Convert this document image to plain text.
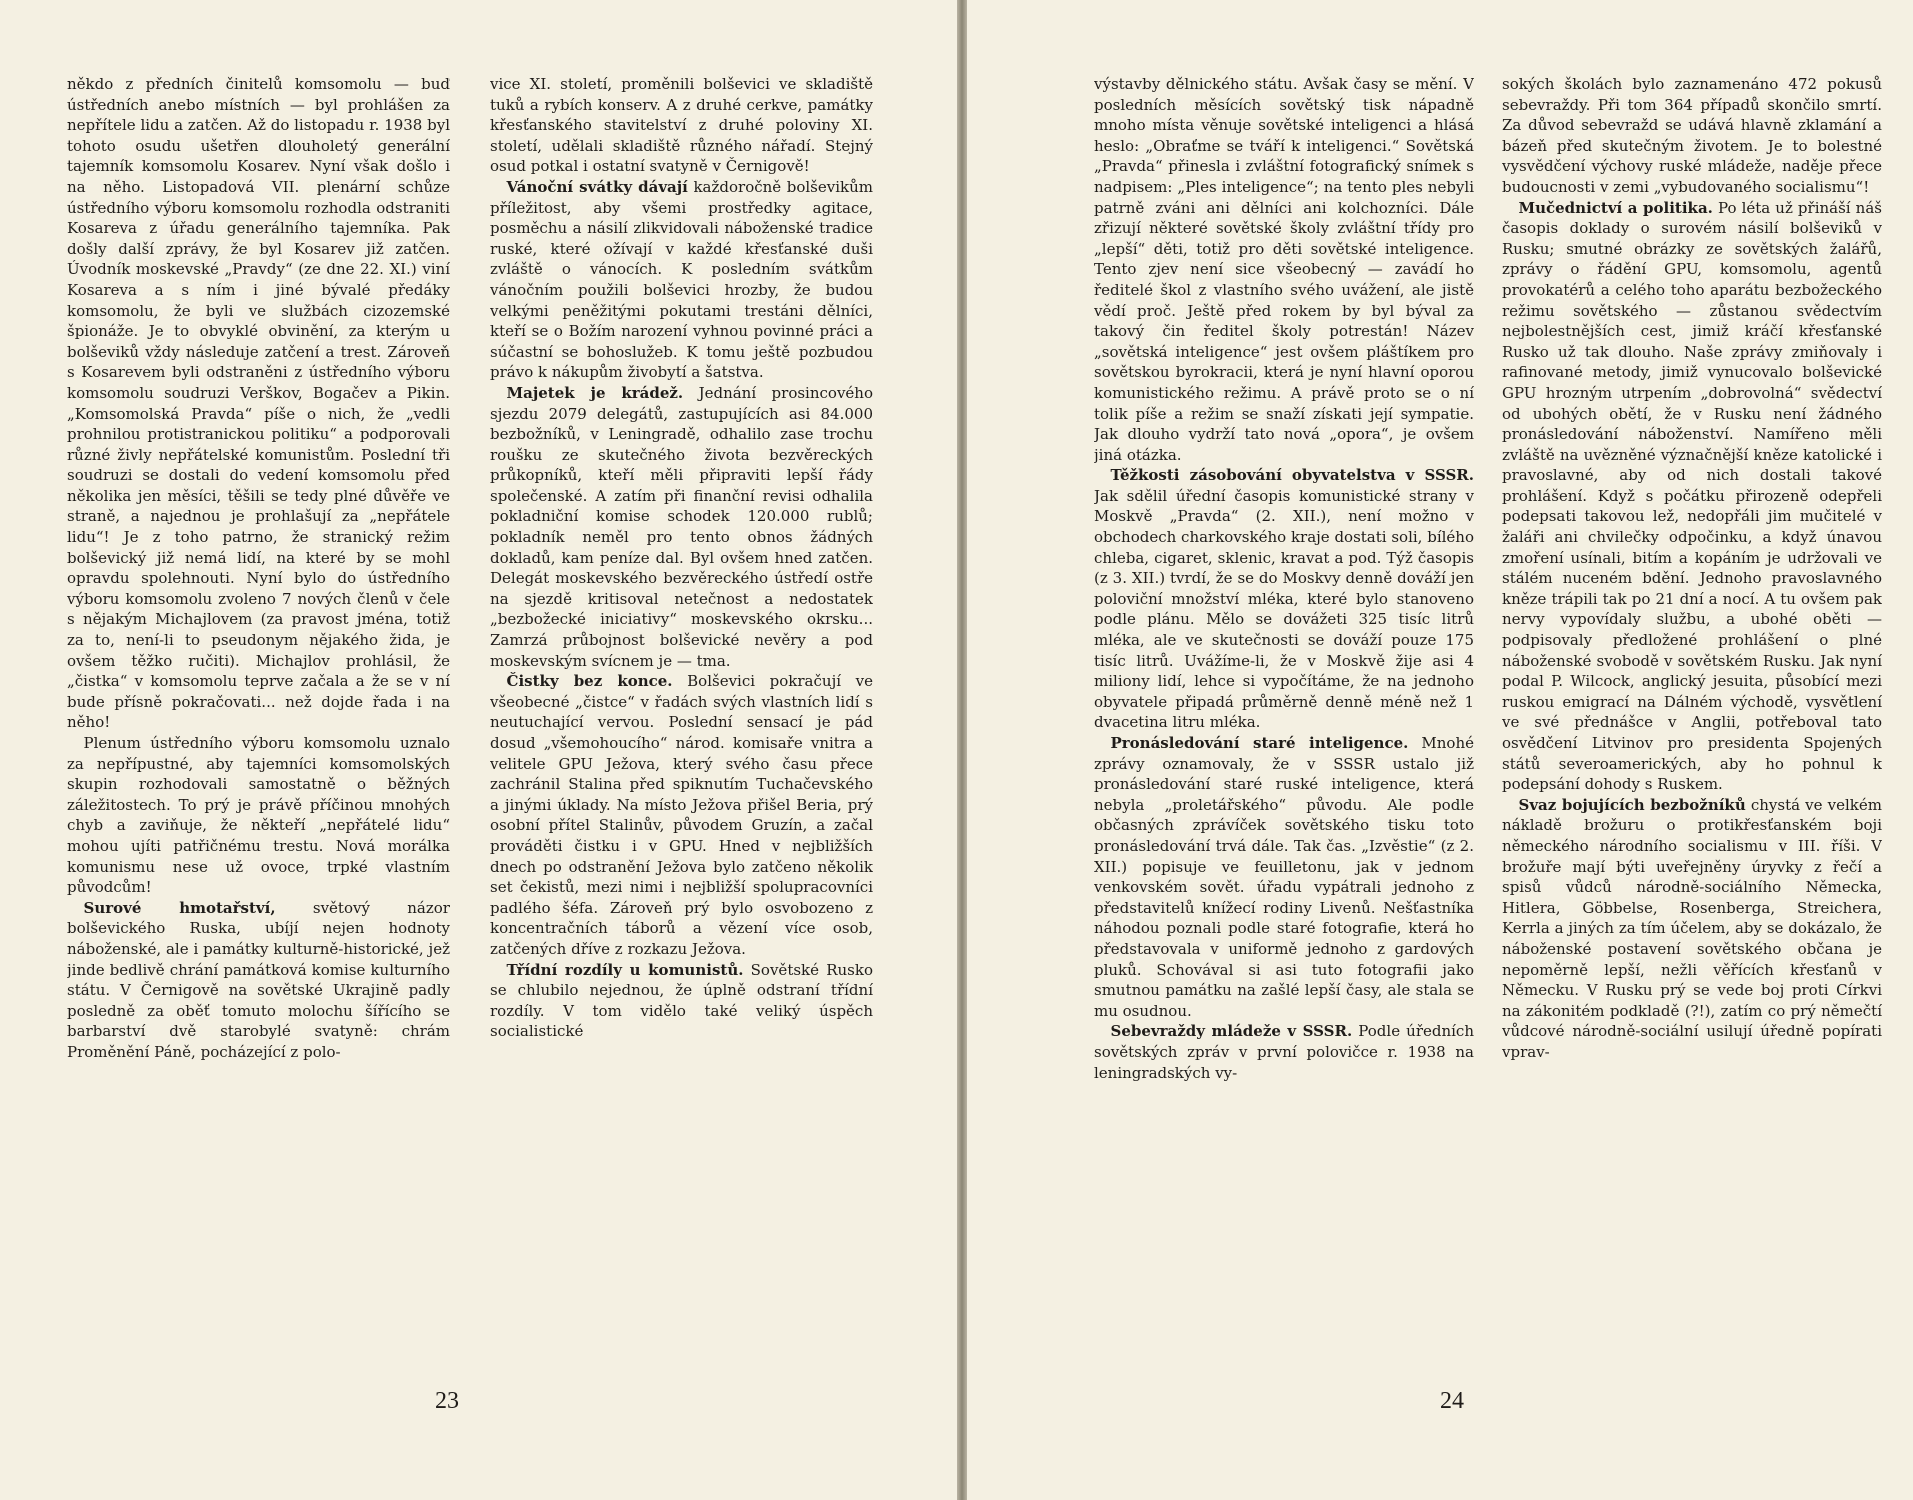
někdo z předních činitelů komsomolu — buď ústředních anebo místních — byl prohlášen za nepřítele lidu a zatčen. Až do listopadu r. 1938 byl tohoto osudu ušetřen dlouholetý generální tajemník komsomolu Kosarev. Nyní však došlo i na něho. Listopadová VII. plenární schůze ústředního výboru komsomolu rozhodla odstraniti Kosareva z úřadu generálního tajemníka. Pak došly další zprávy, že byl Kosarev již zatčen. Úvodník moskevské „Pravdy“ (ze dne 22. XI.) viní Kosareva a s ním i jiné bývalé předáky komsomolu, že byli ve službách cizozemské špionáže. Je to obvyklé obvinění, za kterým u bolševiků vždy následuje zatčení a trest. Zároveň s Kosarevem byli odstraněni z ústředního výboru komsomolu soudruzi Verškov, Bogačev a Pikin. „Komsomolská Pravda“ píše o nich, že „vedli prohnilou protistranickou politiku“ a podporovali různé živly nepřátelské komunistům. Poslední tři soudruzi se dostali do vedení komsomolu před několika jen měsíci, těšili se tedy plné důvěře ve straně, a najednou je prohlašují za „nepřátele lidu“! Je z toho patrno, že stranický režim bolševický již nemá lidí, na které by se mohl opravdu spolehnouti. Nyní bylo do ústředního výboru komsomolu zvoleno 7 nových členů v čele s nějakým Michajlovem (za pravost jména, totiž za to, není-li to pseudonym nějakého žida, je ovšem těžko ručiti). Michajlov prohlásil, že „čistka“ v komsomolu teprve začala a že se v ní bude přísně pokračovati... než dojde řada i na něho!

Plenum ústředního výboru komsomolu uznalo za nepřípustné, aby tajemníci komsomolských skupin rozhodovali samostatně o běžných záležitostech. To prý je právě příčinou mnohých chyb a zaviňuje, že někteří „nepřátelé lidu“ mohou ujíti patřičnému trestu. Nová morálka komunismu nese už ovoce, trpké vlastním původcům!

Surové hmotařství, světový názor bolševického Ruska, ubíjí nejen hodnoty náboženské, ale i památky kulturně-historické, jež jinde bedlivě chrání památková komise kulturního státu. V Černigově na sovětské Ukrajině padly posledně za oběť tomuto molochu šířícího se barbarství dvě starobylé svatyně: chrám Proměnění Páně, pocházející z polo-

vice XI. století, proměnili bolševici ve skladiště tuků a rybích konserv. A z druhé cerkve, památky křesťanského stavitelství z druhé poloviny XI. století, udělali skladiště různého nářadí. Stejný osud potkal i ostatní svatyně v Černigově!

Vánoční svátky dávají každoročně bolševikům příležitost, aby všemi prostředky agitace, posměchu a násilí zlikvidovali náboženské tradice ruské, které ožívají v každé křesťanské duši zvláště o vánocích. K posledním svátkům vánočním použili bolševici hrozby, že budou velkými peněžitými pokutami trestáni dělníci, kteří se o Božím narození vyhnou povinné práci a súčastní se bohoslužeb. K tomu ještě pozbudou právo k nákupům živobytí a šatstva.

Majetek je krádež. Jednání prosincového sjezdu 2079 delegátů, zastupujících asi 84.000 bezbožníků, v Leningradě, odhalilo zase trochu roušku ze skutečného života bezvěreckých průkopníků, kteří měli připraviti lepší řády společenské. A zatím při finanční revisi odhalila pokladniční komise schodek 120.000 rublů; pokladník neměl pro tento obnos žádných dokladů, kam peníze dal. Byl ovšem hned zatčen. Delegát moskevského bezvěreckého ústředí ostře na sjezdě kritisoval netečnost a nedostatek „bezbožecké iniciativy“ moskevského okrsku... Zamrzá průbojnost bolševické nevěry a pod moskevským svícnem je — tma.

Čistky bez konce. Bolševici pokračují ve všeobecné „čistce“ v řadách svých vlastních lidí s neutuchající vervou. Poslední sensací je pád dosud „všemohoucího“ národ. komisaře vnitra a velitele GPU Ježova, který svého času přece zachránil Stalina před spiknutím Tuchačevského a jinými úklady. Na místo Ježova přišel Beria, prý osobní přítel Stalinův, původem Gruzín, a začal prováděti čistku i v GPU. Hned v nejbližších dnech po odstranění Ježova bylo zatčeno několik set čekistů, mezi nimi i nejbližší spolupracovníci padlého šéfa. Zároveň prý bylo osvobozeno z koncentračních táborů a vězení více osob, zatčených dříve z rozkazu Ježova.

Třídní rozdíly u komunistů. Sovětské Rusko se chlubilo nejednou, že úplně odstraní třídní rozdíly. V tom vidělo také veliký úspěch socialistické

23

výstavby dělnického státu. Avšak časy se mění. V posledních měsících sovětský tisk nápadně mnoho místa věnuje sovětské inteligenci a hlásá heslo: „Obraťme se tváří k inteligenci.“ Sovětská „Pravda“ přinesla i zvláštní fotografický snímek s nadpisem: „Ples inteligence“; na tento ples nebyli patrně zváni ani dělníci ani kolchozníci. Dále zřizují některé sovětské školy zvláštní třídy pro „lepší“ děti, totiž pro děti sovětské inteligence. Tento zjev není sice všeobecný — zavádí ho ředitelé škol z vlastního svého uvážení, ale jistě vědí proč. Ještě před rokem by byl býval za takový čin ředitel školy potrestán! Název „sovětská inteligence“ jest ovšem pláštíkem pro sovětskou byrokracii, která je nyní hlavní oporou komunistického režimu. A právě proto se o ní tolik píše a režim se snaží získati její sympatie. Jak dlouho vydrží tato nová „opora“, je ovšem jiná otázka.

Těžkosti zásobování obyvatelstva v SSSR. Jak sdělil úřední časopis komunistické strany v Moskvě „Pravda“ (2. XII.), není možno v obchodech charkovského kraje dostati soli, bílého chleba, cigaret, sklenic, kravat a pod. Týž časopis (z 3. XII.) tvrdí, že se do Moskvy denně dováží jen poloviční množství mléka, které bylo stanoveno podle plánu. Mělo se dovážeti 325 tisíc litrů mléka, ale ve skutečnosti se dováží pouze 175 tisíc litrů. Uvážíme-li, že v Moskvě žije asi 4 miliony lidí, lehce si vypočítáme, že na jednoho obyvatele připadá průměrně denně méně než 1 dvacetina litru mléka.

Pronásledování staré inteligence. Mnohé zprávy oznamovaly, že v SSSR ustalo již pronásledování staré ruské inteligence, která nebyla „proletářského“ původu. Ale podle občasných zprávíček sovětského tisku toto pronásledování trvá dále. Tak čas. „Izvěstie“ (z 2. XII.) popisuje ve feuilletonu, jak v jednom venkovském sovět. úřadu vypátrali jednoho z představitelů knížecí rodiny Livenů. Nešťastníka náhodou poznali podle staré fotografie, která ho představovala v uniformě jednoho z gardových pluků. Schovával si asi tuto fotografii jako smutnou památku na zašlé lepší časy, ale stala se mu osudnou.

Sebevraždy mládeže v SSSR. Podle úředních sovětských zpráv v první polovičce r. 1938 na leningradských vy-

sokých školách bylo zaznamenáno 472 pokusů sebevraždy. Při tom 364 případů skončilo smrtí. Za důvod sebevražd se udává hlavně zklamání a bázeň před skutečným životem. Je to bolestné vysvědčení výchovy ruské mládeže, naděje přece budoucnosti v zemi „vybudovaného socialismu“!

Mučednictví a politika. Po léta už přináší náš časopis doklady o surovém násilí bolševiků v Rusku; smutné obrázky ze sovětských žalářů, zprávy o řádění GPU, komsomolu, agentů provokatérů a celého toho aparátu bezbožeckého režimu sovětského — zůstanou svědectvím nejbolestnějších cest, jimiž kráčí křesťanské Rusko už tak dlouho. Naše zprávy zmiňovaly i rafinované metody, jimiž vynucovalo bolševické GPU hrozným utrpením „dobrovolná“ svědectví od ubohých obětí, že v Rusku není žádného pronásledování náboženství. Namířeno měli zvláště na uvězněné význačnější kněze katolické i pravoslavné, aby od nich dostali takové prohlášení. Když s počátku přirozeně odepřeli podepsati takovou lež, nedopřáli jim mučitelé v žaláři ani chvilečky odpočinku, a když únavou zmoření usínali, bitím a kopáním je udržovali ve stálém nuceném bdění. Jednoho pravoslavného kněze trápili tak po 21 dní a nocí. A tu ovšem pak nervy vypovídaly službu, a ubohé oběti — podpisovaly předložené prohlášení o plné náboženské svobodě v sovětském Rusku. Jak nyní podal P. Wilcock, anglický jesuita, působící mezi ruskou emigrací na Dálném východě, vysvětlení ve své přednášce v Anglii, potřeboval tato osvědčení Litvinov pro presidenta Spojených států severoamerických, aby ho pohnul k podepsání dohody s Ruskem.

Svaz bojujících bezbožníků chystá ve velkém nákladě brožuru o protikřesťanském boji německého národního socialismu v III. říši. V brožuře mají býti uveřejněny úryvky z řečí a spisů vůdců národně-sociálního Německa, Hitlera, Göbbelse, Rosenberga, Streichera, Kerrla a jiných za tím účelem, aby se dokázalo, že náboženské postavení sovětského občana je nepoměrně lepší, nežli věřících křesťanů v Německu. V Rusku prý se vede boj proti Církvi na zákonitém podkladě (?!), zatím co prý němečtí vůdcové národně-sociální usilují úředně popírati vprav-

24
